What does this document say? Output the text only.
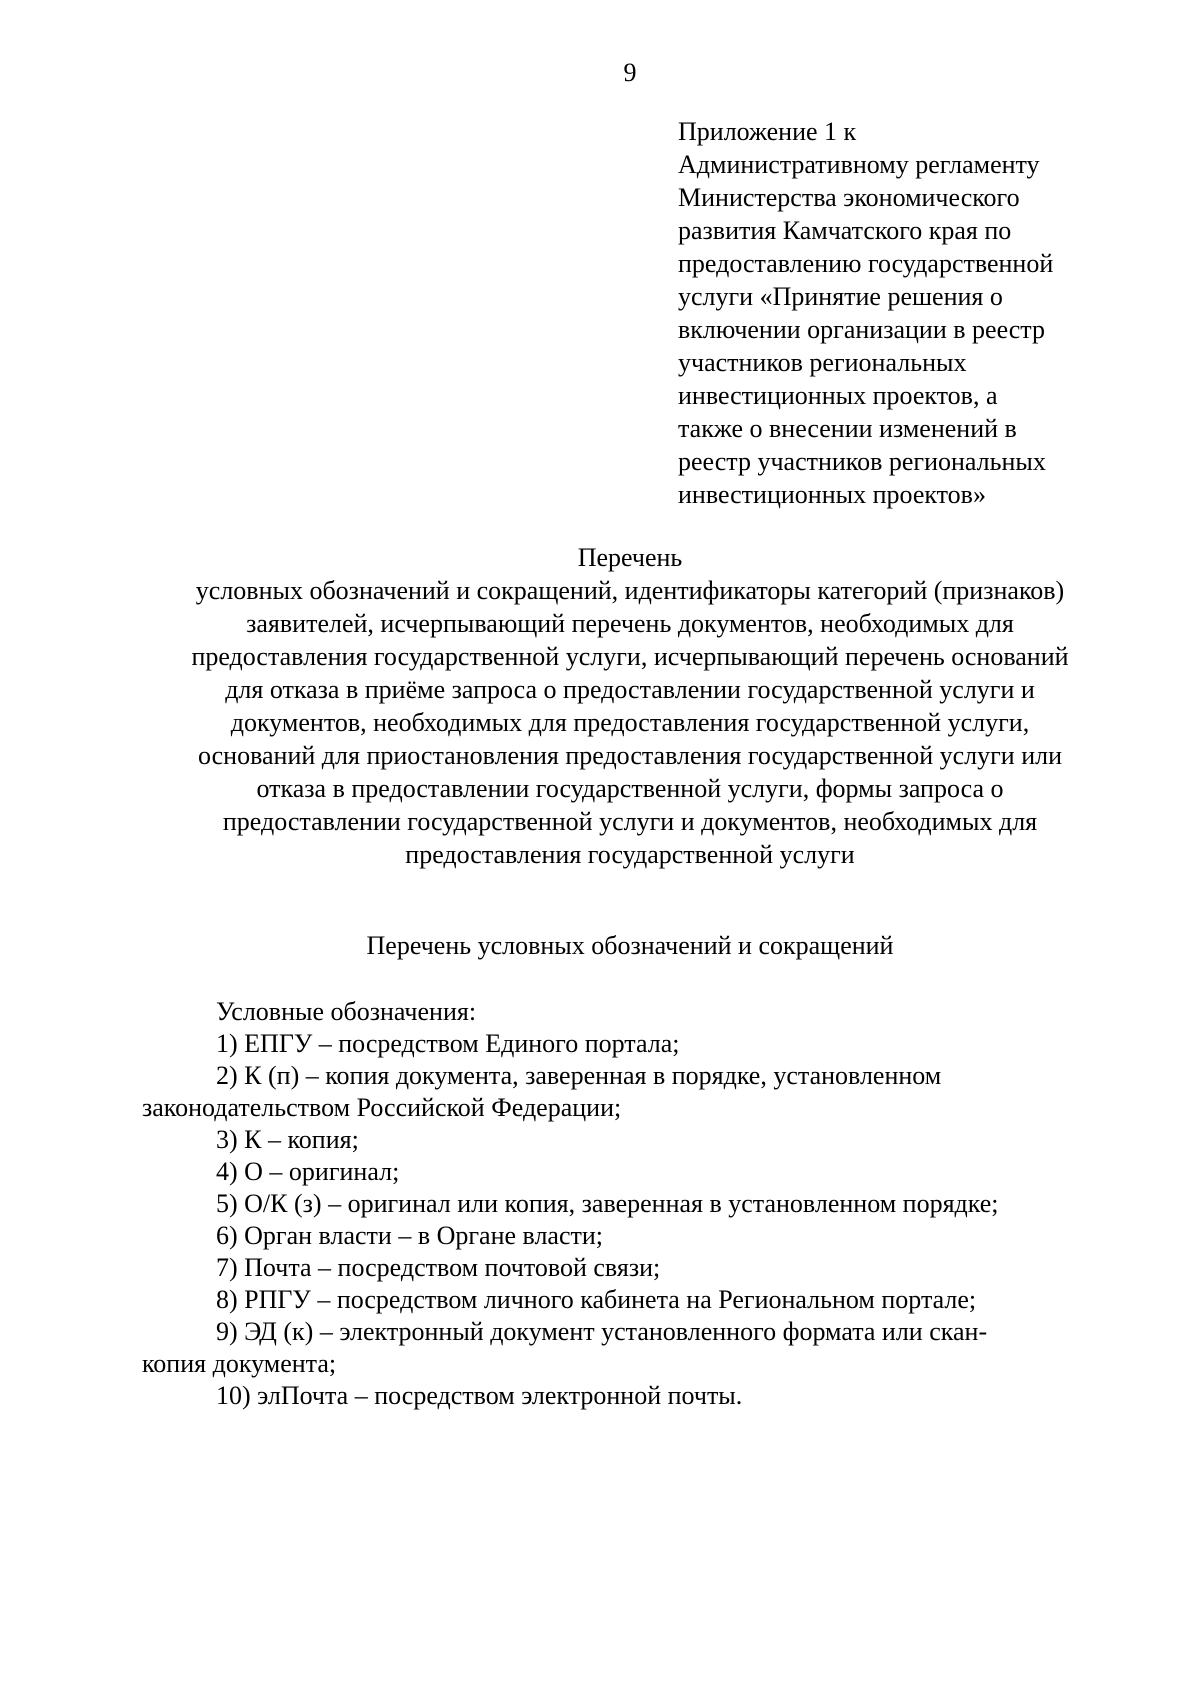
9
Приложение 1 к
Административному регламенту
Министерства экономического
развития Камчатского края по
предоставлению государственной
услуги «Принятие решения о
включении организации в реестр
участников региональных
инвестиционных проектов, а
также о внесении изменений в
реестр участников региональных
инвестиционных проектов»
Перечень
условных обозначений и сокращений, идентификаторы категорий (признаков)
заявителей, исчерпывающий перечень документов, необходимых для
предоставления государственной услуги, исчерпывающий перечень оснований
для отказа в приёме запроса о предоставлении государственной услуги и
документов, необходимых для предоставления государственной услуги,
оснований для приостановления предоставления государственной услуги или
отказа в предоставлении государственной услуги, формы запроса о
предоставлении государственной услуги и документов, необходимых для
предоставления государственной услуги
Перечень условных обозначений и сокращений
Условные обозначения:
1) ЕПГУ – посредством Единого портала;
2) К (п) – копия документа, заверенная в порядке, установленном
законодательством Российской Федерации;
3) К – копия;
4) О – оригинал;
5) О/К (з) – оригинал или копия, заверенная в установленном порядке;
6) Орган власти – в Органе власти;
7) Почта – посредством почтовой связи;
8) РПГУ – посредством личного кабинета на Региональном портале;
9) ЭД (к) – электронный документ установленного формата или скан-
копия документа;
10) элПочта – посредством электронной почты.
